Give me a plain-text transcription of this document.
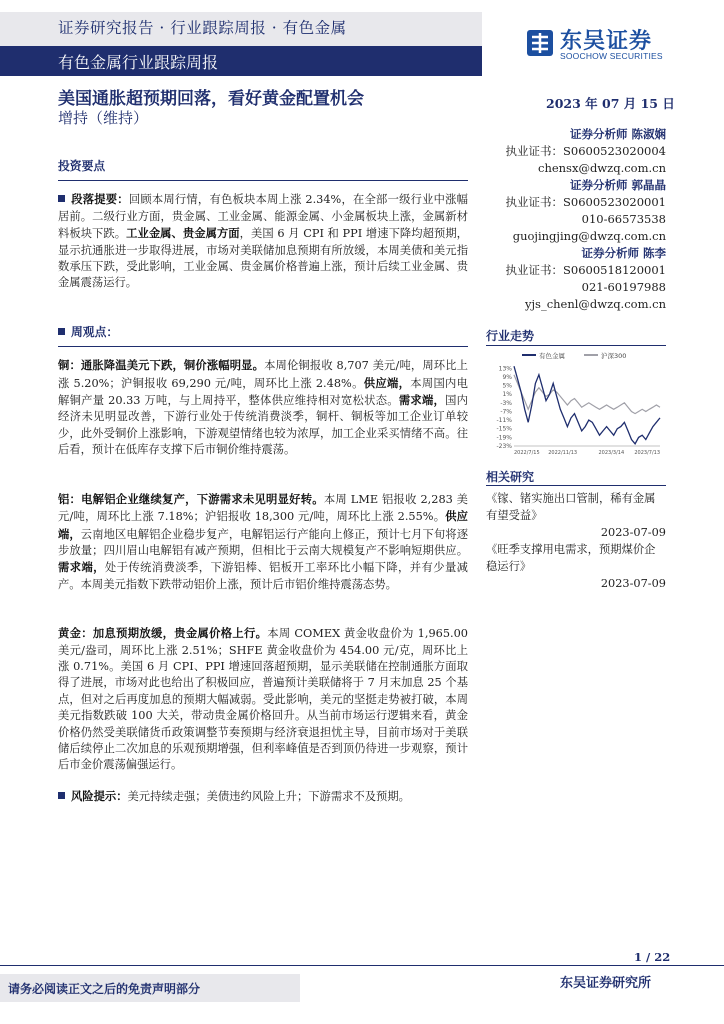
证券研究报告 · 行业跟踪周报 · 有色金属
有色金属行业跟踪周报
东吴证券
SOOCHOW SECURITIES
美国通胀超预期回落，看好黄金配置机会
增持（维持）
2023 年 07 月 15 日
证券分析师 陈淑娴
执业证书：S0600523020004
chensx@dwzq.com.cn
证券分析师 郭晶晶
执业证书：S0600523020001
010-66573538
guojingjing@dwzq.com.cn
证券分析师 陈李
执业证书：S0600518120001
021-60197988
yjs_chenl@dwzq.com.cn
投资要点

段落提要：回顾本周行情，有色板块本周上涨 2.34%，在全部一级行业中涨幅居前。二级行业方面，贵金属、工业金属、能源金属、小金属板块上涨，金属新材料板块下跌。工业金属、贵金属方面，美国 6 月 CPI 和 PPI 增速下降均超预期，显示抗通胀进一步取得进展，市场对美联储加息预期有所放缓，本周美债和美元指数承压下跌，受此影响，工业金属、贵金属价格普遍上涨，预计后续工业金属、贵金属震荡运行。

周观点：

铜：通胀降温美元下跌，铜价涨幅明显。本周伦铜报收 8,707 美元/吨，周环比上涨 5.20%；沪铜报收 69,290 元/吨，周环比上涨 2.48%。供应端，本周国内电解铜产量 20.33 万吨，与上周持平，整体供应维持相对宽松状态。需求端，国内经济未见明显改善，下游行业处于传统消费淡季，铜杆、铜板等加工企业订单较少，此外受铜价上涨影响，下游观望情绪也较为浓厚，加工企业采买情绪不高。往后看，预计在低库存支撑下后市铜价维持震荡。

铝：电解铝企业继续复产，下游需求未见明显好转。本周 LME 铝报收 2,283 美元/吨，周环比上涨 7.18%；沪铝报收 18,300 元/吨，周环比上涨 2.55%。供应端，云南地区电解铝企业稳步复产，电解铝运行产能向上修正，预计七月下旬将逐步放量；四川眉山电解铝有减产预期，但相比于云南大规模复产不影响短期供应。需求端，处于传统消费淡季，下游铝棒、铝板开工率环比小幅下降，并有少量减产。本周美元指数下跌带动铝价上涨，预计后市铝价维持震荡态势。

黄金：加息预期放缓，贵金属价格上行。本周 COMEX 黄金收盘价为 1,965.00 美元/盎司，周环比上涨 2.51%；SHFE 黄金收盘价为 454.00 元/克，周环比上涨 0.71%。美国 6 月 CPI、PPI 增速回落超预期，显示美联储在控制通胀方面取得了进展，市场对此也给出了积极回应，普遍预计美联储将于 7 月末加息 25 个基点，但对之后再度加息的预期大幅减弱。受此影响，美元的坚挺走势被打破，本周美元指数跌破 100 大关，带动贵金属价格回升。从当前市场运行逻辑来看，黄金价格仍然受美联储货币政策调整节奏预期与经济衰退担忧主导，目前市场对于美联储后续停止二次加息的乐观预期增强，但利率峰值是否到顶仍待进一步观察，预计后市金价震荡偏强运行。

风险提示：美元持续走强；美债违约风险上升；下游需求不及预期。

行业走势
有色金属	沪深300
13%
9%
5%
1%
-3%
-7%
-11%
-15%
-19%
-23%
2022/7/15 2022/11/13	2023/3/14 2023/7/13
相关研究
《镓、锗实施出口管制，稀有金属有望受益》
2023-07-09
《旺季支撑用电需求，预期煤价企稳运行》
2023-07-09
1 / 22
请务必阅读正文之后的免责声明部分	东吴证券研究所
